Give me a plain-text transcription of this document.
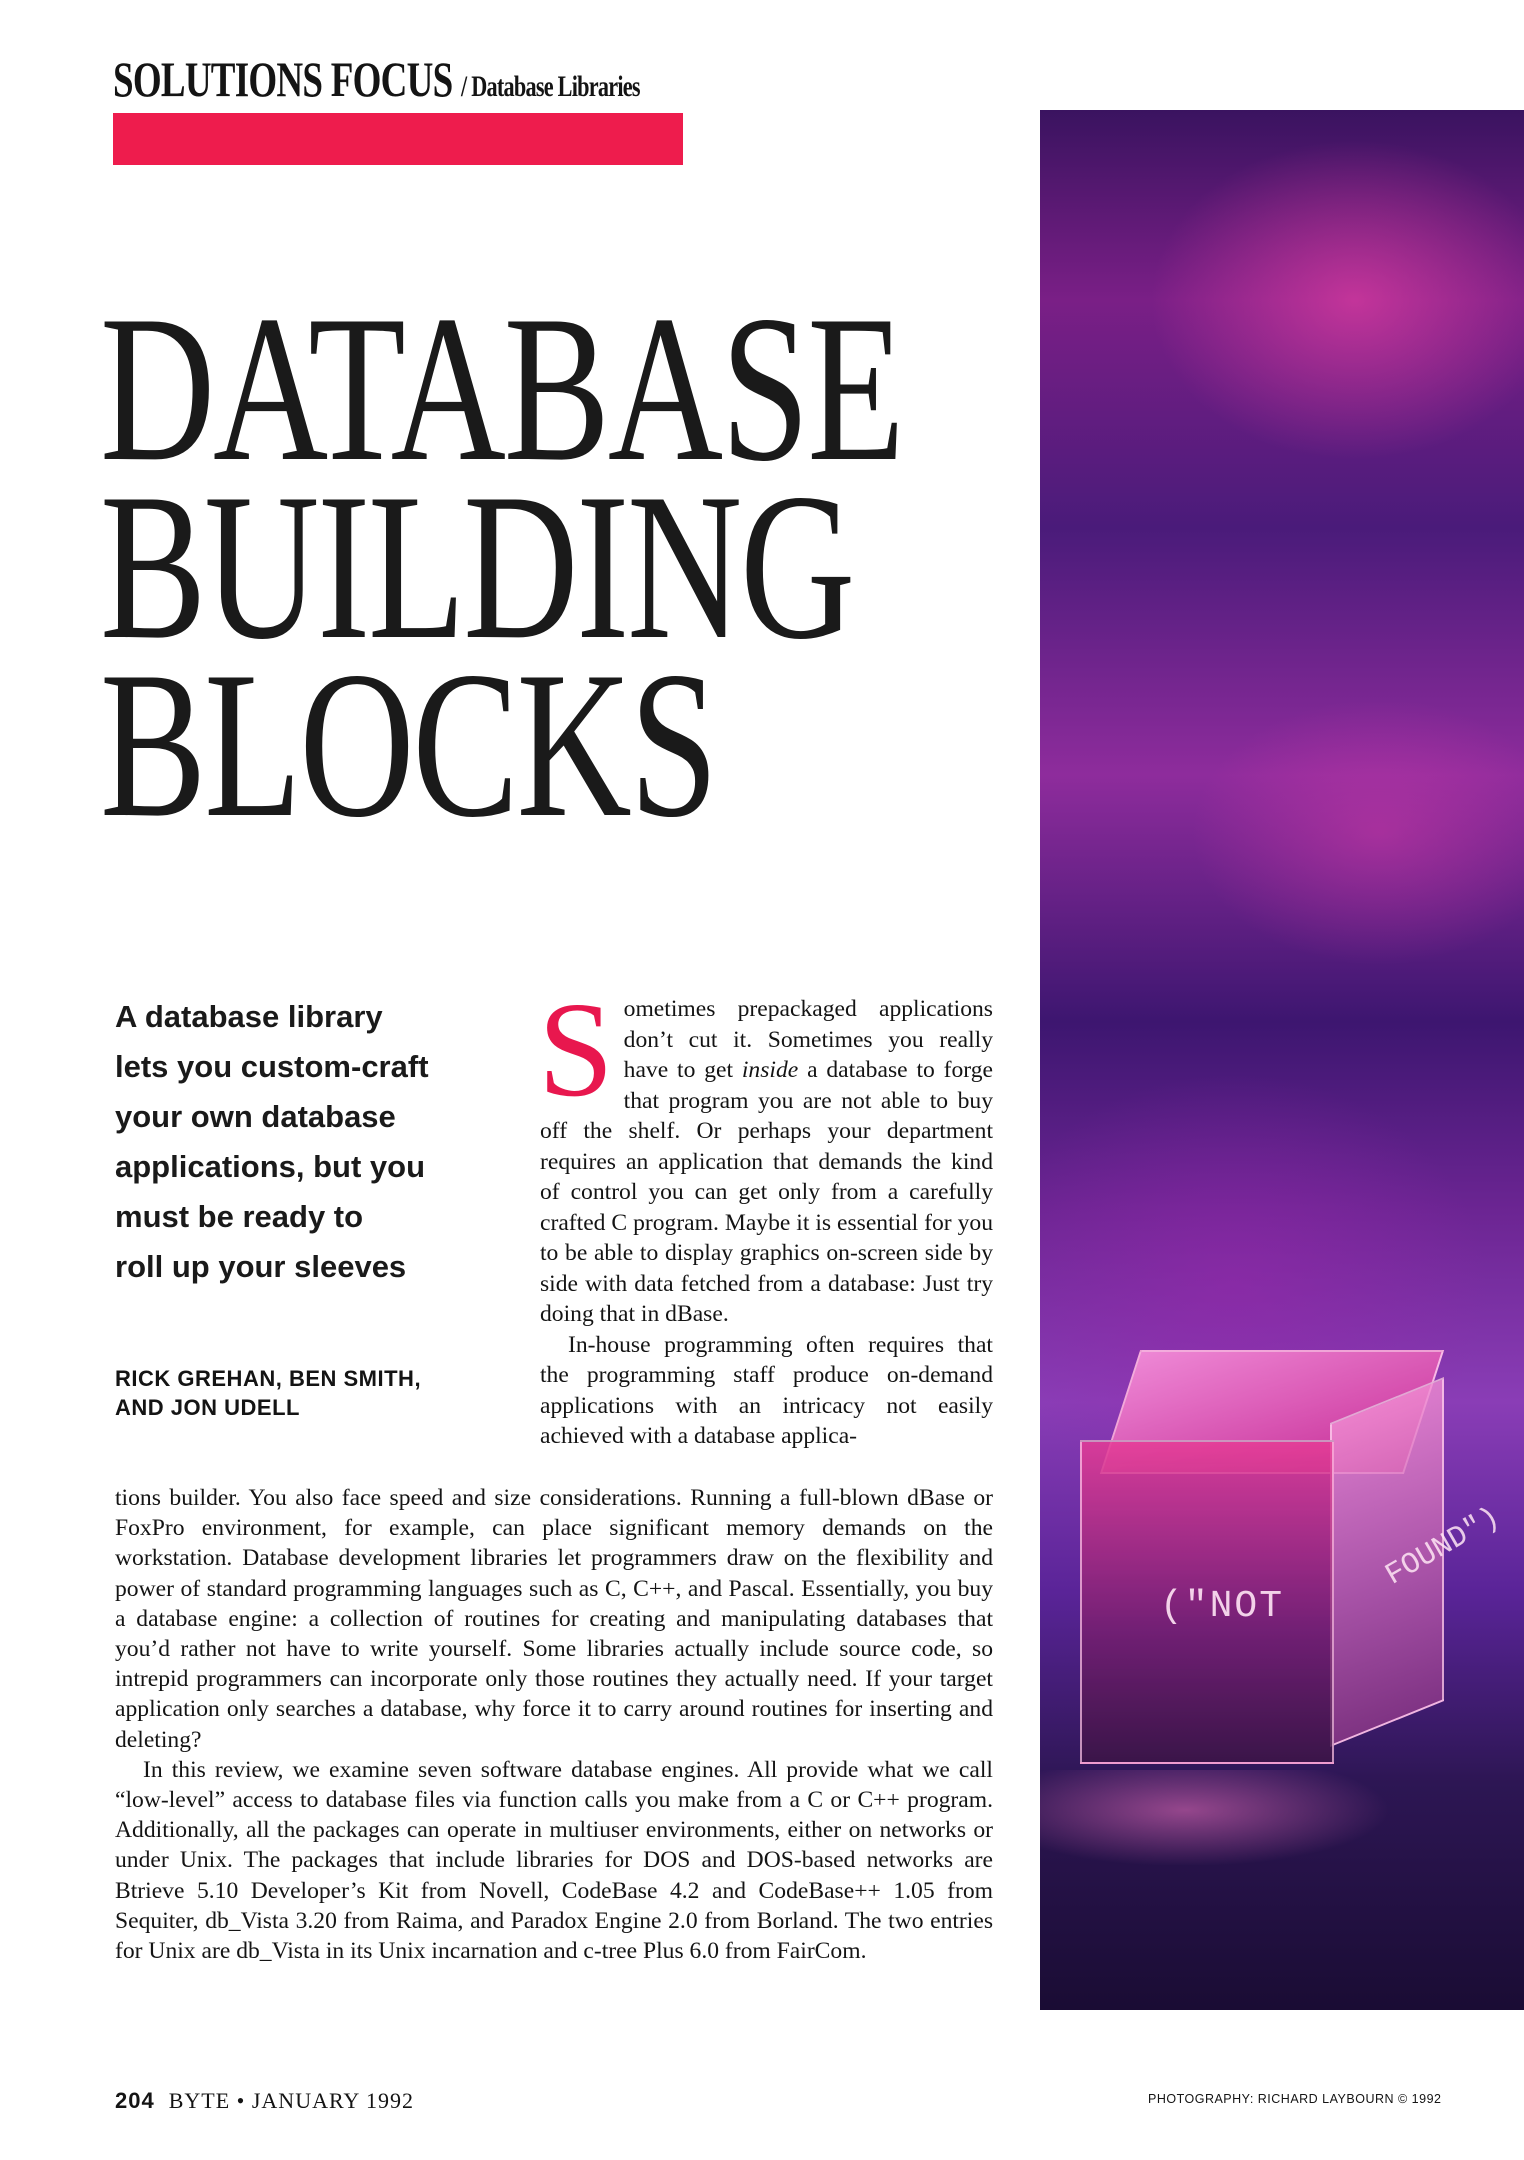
SOLUTIONS FOCUS / Database Libraries
DATABASE
BUILDING
BLOCKS
("NOT
FOUND")
A database library
lets you custom-craft
your own database
applications, but you
must be ready to
roll up your sleeves
RICK GREHAN, BEN SMITH,
AND JON UDELL

Sometimes prepackaged applications don’t cut it. Sometimes you really have to get inside a database to forge that program you are not able to buy off the shelf. Or perhaps your department requires an application that demands the kind of control you can get only from a carefully crafted C program. Maybe it is essential for you to be able to display graphics on-screen side by side with data fetched from a database: Just try doing that in dBase.

In-house programming often requires that the programming staff produce on-demand applications with an intricacy not easily achieved with a database applica-

tions builder. You also face speed and size considerations. Running a full-blown dBase or FoxPro environment, for example, can place significant memory demands on the workstation. Database development libraries let programmers draw on the flexibility and power of standard programming languages such as C, C++, and Pascal. Essentially, you buy a database engine: a collection of routines for creating and manipulating databases that you’d rather not have to write yourself. Some libraries actually include source code, so intrepid programmers can incorporate only those routines they actually need. If your target application only searches a database, why force it to carry around routines for inserting and deleting?

In this review, we examine seven software database engines. All provide what we call “low-level” access to database files via function calls you make from a C or C++ program. Additionally, all the packages can operate in multiuser environments, either on networks or under Unix. The packages that include libraries for DOS and DOS-based networks are Btrieve 5.10 Developer’s Kit from Novell, CodeBase 4.2 and CodeBase++ 1.05 from Sequiter, db_Vista 3.20 from Raima, and Paradox Engine 2.0 from Borland. The two entries for Unix are db_Vista in its Unix incarnation and c-tree Plus 6.0 from FairCom.

204 BYTE • JANUARY 1992	PHOTOGRAPHY: RICHARD LAYBOURN © 1992
